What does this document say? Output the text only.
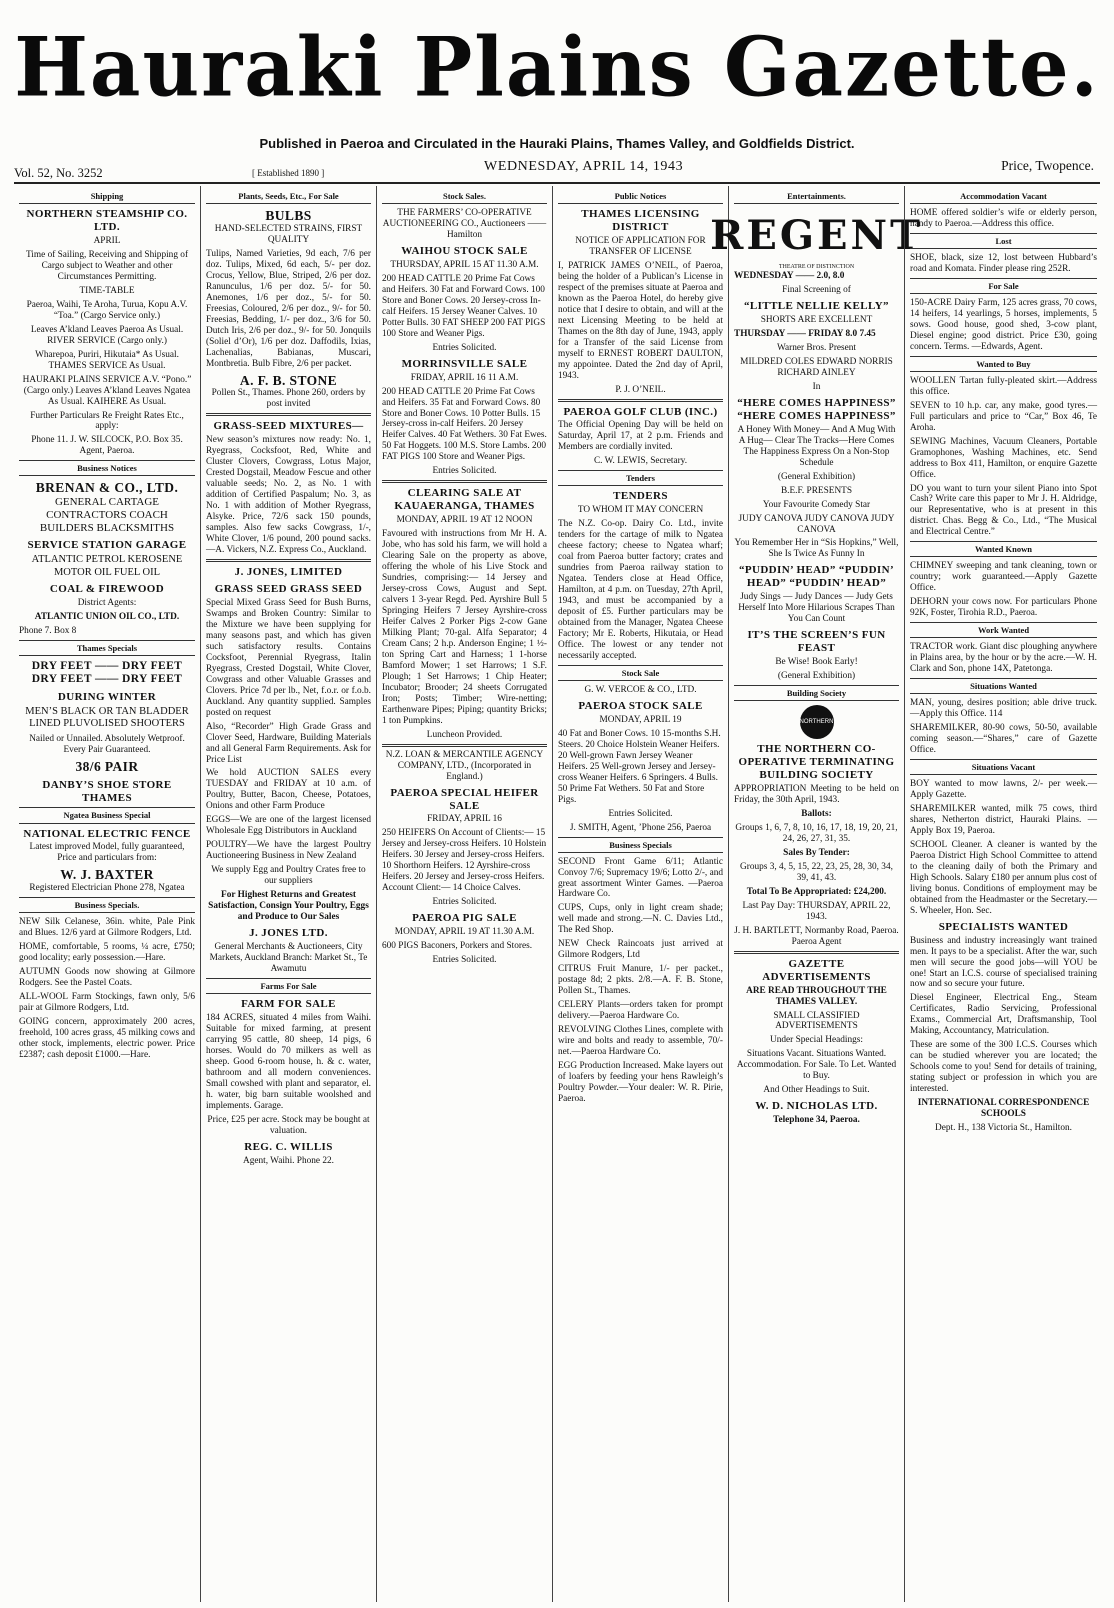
Hauraki Plains Gazette.
Published in Paeroa and Circulated in the Hauraki Plains, Thames Valley, and Goldfields District.
Vol. 52, No. 3252	[ Established 1890 ]	WEDNESDAY, APRIL 14, 1943	Price, Twopence.
Shipping
NORTHERN STEAMSHIP CO. LTD.
APRIL
Time of Sailing, Receiving and Shipping of Cargo subject to Weather and other Circumstances Permitting.
TIME-TABLE
Paeroa, Waihi, Te Aroha, Turua, Kopu A.V. “Toa.” (Cargo Service only.)
Leaves A’kland Leaves Paeroa As Usual. RIVER SERVICE (Cargo only.)
Wharepoa, Puriri, Hikutaia* As Usual. THAMES SERVICE As Usual.
HAURAKI PLAINS SERVICE A.V. “Pono.” (Cargo only.) Leaves A’kland Leaves Ngatea As Usual. KAIHERE As Usual.
Further Particulars Re Freight Rates Etc., apply:
Phone 11. J. W. SILCOCK, P.O. Box 35. Agent, Paeroa.
Business Notices
BRENAN & CO., LTD.
GENERAL CARTAGE CONTRACTORS COACH BUILDERS BLACKSMITHS
SERVICE STATION GARAGE
ATLANTIC PETROL KEROSENE MOTOR OIL FUEL OIL
COAL & FIREWOOD
District Agents:
ATLANTIC UNION OIL CO., LTD.
Phone 7. Box 8
Thames Specials
DRY FEET —— DRY FEET DRY FEET —— DRY FEET
DURING WINTER
MEN’S BLACK OR TAN BLADDER LINED PLUVOLISED SHOOTERS
Nailed or Unnailed. Absolutely Wetproof. Every Pair Guaranteed.
38/6 PAIR
DANBY’S SHOE STORE THAMES
Ngatea Business Special
NATIONAL ELECTRIC FENCE
Latest improved Model, fully guaranteed, Price and particulars from:
W. J. BAXTER
Registered Electrician Phone 278, Ngatea
Business Specials.
NEW Silk Celanese, 36in. white, Pale Pink and Blues. 12/6 yard at Gilmore Rodgers, Ltd.
HOME, comfortable, 5 rooms, ¼ acre, £750; good locality; early possession.—Hare.
AUTUMN Goods now showing at Gilmore Rodgers. See the Pastel Coats.
ALL-WOOL Farm Stockings, fawn only, 5/6 pair at Gilmore Rodgers, Ltd.
GOING concern, approximately 200 acres, freehold, 100 acres grass, 45 milking cows and other stock, implements, electric power. Price £2387; cash deposit £1000.—Hare.
Plants, Seeds, Etc., For Sale
BULBS
HAND-SELECTED STRAINS, FIRST QUALITY
Tulips, Named Varieties, 9d each, 7/6 per doz. Tulips, Mixed, 6d each, 5/- per doz. Crocus, Yellow, Blue, Striped, 2/6 per doz. Ranunculus, 1/6 per doz. 5/- for 50. Anemones, 1/6 per doz., 5/- for 50. Freesias, Coloured, 2/6 per doz., 9/- for 50. Freesias, Bedding, 1/- per doz., 3/6 for 50. Dutch Iris, 2/6 per doz., 9/- for 50. Jonquils (Soliel d’Or), 1/6 per doz. Daffodils, Ixias, Lachenalias, Babianas, Muscari, Montbretia. Bulb Fibre, 2/6 per packet.
A. F. B. STONE
Pollen St., Thames. Phone 260, orders by post invited
GRASS-SEED MIXTURES—
New season’s mixtures now ready: No. 1, Ryegrass, Cocksfoot, Red, White and Cluster Clovers, Cowgrass, Lotus Major, Crested Dogstail, Meadow Fescue and other valuable seeds; No. 2, as No. 1 with addition of Certified Paspalum; No. 3, as No. 1 with addition of Mother Ryegrass, Alsyke. Price, 72/6 sack 150 pounds, samples. Also few sacks Cowgrass, 1/-, White Clover, 1/6 pound, 200 pound sacks.—A. Vickers, N.Z. Express Co., Auckland.
J. JONES, LIMITED
GRASS SEED GRASS SEED
Special Mixed Grass Seed for Bush Burns, Swamps and Broken Country: Similar to the Mixture we have been supplying for many seasons past, and which has given such satisfactory results. Contains Cocksfoot, Perennial Ryegrass, Italin Ryegrass, Crested Dogstail, White Clover, Cowgrass and other Valuable Grasses and Clovers. Price 7d per lb., Net, f.o.r. or f.o.b. Auckland. Any quantity supplied. Samples posted on request
Also, “Recorder” High Grade Grass and Clover Seed, Hardware, Building Materials and all General Farm Requirements. Ask for Price List
We hold AUCTION SALES every TUESDAY and FRIDAY at 10 a.m. of Poultry, Butter, Bacon, Cheese, Potatoes, Onions and other Farm Produce
EGGS—We are one of the largest licensed Wholesale Egg Distributors in Auckland
POULTRY—We have the largest Poultry Auctioneering Business in New Zealand
We supply Egg and Poultry Crates free to our suppliers
For Highest Returns and Greatest Satisfaction, Consign Your Poultry, Eggs and Produce to Our Sales
J. JONES LTD.
General Merchants & Auctioneers, City Markets, Auckland Branch: Market St., Te Awamutu
Farms For Sale
FARM FOR SALE
184 ACRES, situated 4 miles from Waihi. Suitable for mixed farming, at present carrying 95 cattle, 80 sheep, 14 pigs, 6 horses. Would do 70 milkers as well as sheep. Good 6-room house, h. & c. water, bathroom and all modern conveniences. Small cowshed with plant and separator, el. h. water, big barn suitable woolshed and implements. Garage.
Price, £25 per acre. Stock may be bought at valuation.
REG. C. WILLIS
Agent, Waihi. Phone 22.
Stock Sales.
THE FARMERS’ CO-OPERATIVE AUCTIONEERING CO., Auctioneers —— Hamilton
WAIHOU STOCK SALE
THURSDAY, APRIL 15 AT 11.30 A.M.
200 HEAD CATTLE 20 Prime Fat Cows and Heifers. 30 Fat and Forward Cows. 100 Store and Boner Cows. 20 Jersey-cross In-calf Heifers. 15 Jersey Weaner Calves. 10 Potter Bulls. 30 FAT SHEEP 200 FAT PIGS 100 Store and Weaner Pigs.
Entries Solicited.
MORRINSVILLE SALE
FRIDAY, APRIL 16 11 A.M.
200 HEAD CATTLE 20 Prime Fat Cows and Heifers. 35 Fat and Forward Cows. 80 Store and Boner Cows. 10 Potter Bulls. 15 Jersey-cross in-calf Heifers. 20 Jersey Heifer Calves. 40 Fat Wethers. 30 Fat Ewes. 50 Fat Hoggets. 100 M.S. Store Lambs. 200 FAT PIGS 100 Store and Weaner Pigs.
Entries Solicited.
CLEARING SALE AT KAUAERANGA, THAMES
MONDAY, APRIL 19 AT 12 NOON
Favoured with instructions from Mr H. A. Jobe, who has sold his farm, we will hold a Clearing Sale on the property as above, offering the whole of his Live Stock and Sundries, comprising:— 14 Jersey and Jersey-cross Cows, August and Sept. calvers 1 3-year Regd. Ped. Ayrshire Bull 5 Springing Heifers 7 Jersey Ayrshire-cross Heifer Calves 2 Porker Pigs 2-cow Gane Milking Plant; 70-gal. Alfa Separator; 4 Cream Cans; 2 h.p. Anderson Engine; 1 ½-ton Spring Cart and Harness; 1 1-horse Bamford Mower; 1 set Harrows; 1 S.F. Plough; 1 Set Harrows; 1 Chip Heater; Incubator; Brooder; 24 sheets Corrugated Iron; Posts; Timber; Wire-netting; Earthenware Pipes; Piping; quantity Bricks; 1 ton Pumpkins.
Luncheon Provided.
N.Z. LOAN & MERCANTILE AGENCY COMPANY, LTD., (Incorporated in England.)
PAEROA SPECIAL HEIFER SALE
FRIDAY, APRIL 16
250 HEIFERS On Account of Clients:— 15 Jersey and Jersey-cross Heifers. 10 Holstein Heifers. 30 Jersey and Jersey-cross Heifers. 10 Shorthorn Heifers. 12 Ayrshire-cross Heifers. 20 Jersey and Jersey-cross Heifers. Account Client:— 14 Choice Calves.
Entries Solicited.
PAEROA PIG SALE
MONDAY, APRIL 19 AT 11.30 A.M.
600 PIGS Baconers, Porkers and Stores.
Entries Solicited.
Public Notices
THAMES LICENSING DISTRICT
NOTICE OF APPLICATION FOR TRANSFER OF LICENSE
I, PATRICK JAMES O’NEIL, of Paeroa, being the holder of a Publican’s License in respect of the premises situate at Paeroa and known as the Paeroa Hotel, do hereby give notice that I desire to obtain, and will at the next Licensing Meeting to be held at Thames on the 8th day of June, 1943, apply for a Transfer of the said License from myself to ERNEST ROBERT DAULTON, my appointee. Dated the 2nd day of April, 1943.
P. J. O’NEIL.
PAEROA GOLF CLUB (INC.)
The Official Opening Day will be held on Saturday, April 17, at 2 p.m. Friends and Members are cordially invited.
C. W. LEWIS, Secretary.
Tenders
TENDERS
TO WHOM IT MAY CONCERN
The N.Z. Co-op. Dairy Co. Ltd., invite tenders for the cartage of milk to Ngatea cheese factory; cheese to Ngatea wharf; coal from Paeroa butter factory; crates and sundries from Paeroa railway station to Ngatea. Tenders close at Head Office, Hamilton, at 4 p.m. on Tuesday, 27th April, 1943, and must be accompanied by a deposit of £5. Further particulars may be obtained from the Manager, Ngatea Cheese Factory; Mr E. Roberts, Hikutaia, or Head Office. The lowest or any tender not necessarily accepted.
Stock Sale
G. W. VERCOE & CO., LTD.
PAEROA STOCK SALE
MONDAY, APRIL 19
40 Fat and Boner Cows. 10 15-months S.H. Steers. 20 Choice Holstein Weaner Heifers. 20 Well-grown Fawn Jersey Weaner Heifers. 25 Well-grown Jersey and Jersey-cross Weaner Heifers. 6 Springers. 4 Bulls. 50 Prime Fat Wethers. 50 Fat and Store Pigs.
Entries Solicited.
J. SMITH, Agent, ’Phone 256, Paeroa
Business Specials
SECOND Front Game 6/11; Atlantic Convoy 7/6; Supremacy 19/6; Lotto 2/-, and great assortment Winter Games. —Paeroa Hardware Co.
CUPS, Cups, only in light cream shade; well made and strong.—N. C. Davies Ltd., The Red Shop.
NEW Check Raincoats just arrived at Gilmore Rodgers, Ltd
CITRUS Fruit Manure, 1/- per packet., postage 8d; 2 pkts. 2/8.—A. F. B. Stone, Pollen St., Thames.
CELERY Plants—orders taken for prompt delivery.—Paeroa Hardware Co.
REVOLVING Clothes Lines, complete with wire and bolts and ready to assemble, 70/- net.—Paeroa Hardware Co.
EGG Production Increased. Make layers out of loafers by feeding your hens Rawleigh’s Poultry Powder.—Your dealer: W. R. Pirie, Paeroa.
Entertainments.
REGENT
THEATRE OF DISTINCTION
WEDNESDAY —— 2.0, 8.0
Final Screening of
“LITTLE NELLIE KELLY”
SHORTS ARE EXCELLENT
THURSDAY —— FRIDAY 8.0 7.45
Warner Bros. Present
MILDRED COLES EDWARD NORRIS RICHARD AINLEY
In
“HERE COMES HAPPINESS” “HERE COMES HAPPINESS”
A Honey With Money— And A Mug With A Hug— Clear The Tracks—Here Comes The Happiness Express On a Non-Stop Schedule
(General Exhibition)
B.E.F. PRESENTS
Your Favourite Comedy Star
JUDY CANOVA JUDY CANOVA JUDY CANOVA
You Remember Her in “Sis Hopkins,” Well, She Is Twice As Funny In
“PUDDIN’ HEAD” “PUDDIN’ HEAD” “PUDDIN’ HEAD”
Judy Sings — Judy Dances — Judy Gets Herself Into More Hilarious Scrapes Than You Can Count
IT’S THE SCREEN’S FUN FEAST
Be Wise! Book Early!
(General Exhibition)
Building Society
NORTHERN
THE NORTHERN CO-OPERATIVE TERMINATING BUILDING SOCIETY
APPROPRIATION Meeting to be held on Friday, the 30th April, 1943.
Ballots:
Groups 1, 6, 7, 8, 10, 16, 17, 18, 19, 20, 21, 24, 26, 27, 31, 35.
Sales By Tender:
Groups 3, 4, 5, 15, 22, 23, 25, 28, 30, 34, 39, 41, 43.
Total To Be Appropriated: £24,200.
Last Pay Day: THURSDAY, APRIL 22, 1943.
J. H. BARTLETT, Normanby Road, Paeroa. Paeroa Agent
GAZETTE ADVERTISEMENTS
ARE READ THROUGHOUT THE THAMES VALLEY.
SMALL CLASSIFIED ADVERTISEMENTS
Under Special Headings:
Situations Vacant. Situations Wanted. Accommodation. For Sale. To Let. Wanted to Buy.
And Other Headings to Suit.
W. D. NICHOLAS LTD.
Telephone 34, Paeroa.
Accommodation Vacant
HOME offered soldier’s wife or elderly person, handy to Paeroa.—Address this office.
Lost
SHOE, black, size 12, lost between Hubbard’s road and Komata. Finder please ring 252R.
For Sale
150-ACRE Dairy Farm, 125 acres grass, 70 cows, 14 heifers, 14 yearlings, 5 horses, implements, 5 sows. Good house, good shed, 3-cow plant, Diesel engine; good district. Price £30, going concern. Terms. —Edwards, Agent.
Wanted to Buy
WOOLLEN Tartan fully-pleated skirt.—Address this office.
SEVEN to 10 h.p. car, any make, good tyres.—Full particulars and price to “Car,” Box 46, Te Aroha.
SEWING Machines, Vacuum Cleaners, Portable Gramophones, Washing Machines, etc. Send address to Box 411, Hamilton, or enquire Gazette Office.
DO you want to turn your silent Piano into Spot Cash? Write care this paper to Mr J. H. Aldridge, our Representative, who is at present in this district. Chas. Begg & Co., Ltd., “The Musical and Electrical Centre.”
Wanted Known
CHIMNEY sweeping and tank cleaning, town or country; work guaranteed.—Apply Gazette Office.
DEHORN your cows now. For particulars Phone 92K, Foster, Tirohia R.D., Paeroa.
Work Wanted
TRACTOR work. Giant disc ploughing anywhere in Plains area, by the hour or by the acre.—W. H. Clark and Son, phone 14X, Patetonga.
Situations Wanted
MAN, young, desires position; able drive truck.—Apply this Office. 114
SHAREMILKER, 80-90 cows, 50-50, available coming season.—“Shares,” care of Gazette Office.
Situations Vacant
BOY wanted to mow lawns, 2/- per week.—Apply Gazette.
SHAREMILKER wanted, milk 75 cows, third shares, Netherton district, Hauraki Plains. —Apply Box 19, Paeroa.
SCHOOL Cleaner. A cleaner is wanted by the Paeroa District High School Committee to attend to the cleaning daily of both the Primary and High Schools. Salary £180 per annum plus cost of living bonus. Conditions of employment may be obtained from the Headmaster or the Secretary.—S. Wheeler, Hon. Sec.
SPECIALISTS WANTED
Business and industry increasingly want trained men. It pays to be a specialist. After the war, such men will secure the good jobs—will YOU be one! Start an I.C.S. course of specialised training now and so secure your future.
Diesel Engineer, Electrical Eng., Steam Certificates, Radio Servicing, Professional Exams., Commercial Art, Draftsmanship, Tool Making, Accountancy, Matriculation.
These are some of the 300 I.C.S. Courses which can be studied wherever you are located; the Schools come to you! Send for details of training, stating subject or profession in which you are interested.
INTERNATIONAL CORRESPONDENCE SCHOOLS
Dept. H., 138 Victoria St., Hamilton.
